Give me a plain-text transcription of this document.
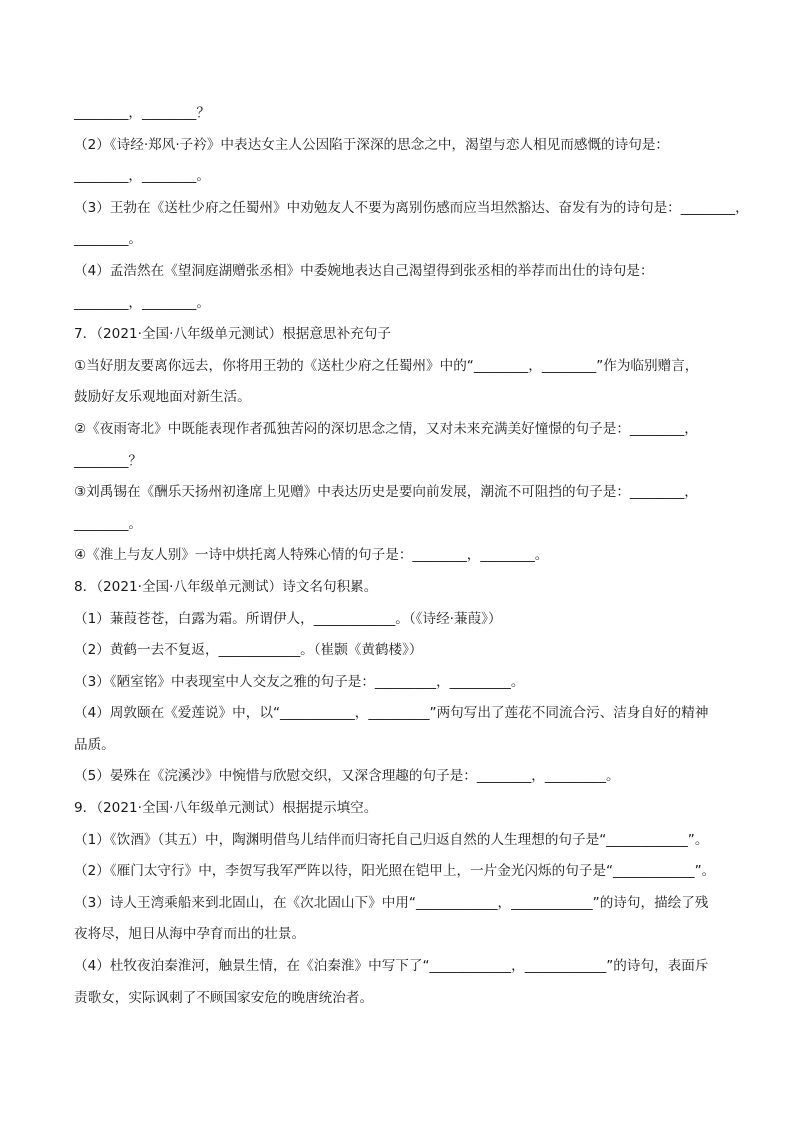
________，________？
（2）《诗经·郑风·子衿》中表达女主人公因陷于深深的思念之中，渴望与恋人相见而感慨的诗句是：
________，________。
（3）王勃在《送杜少府之任蜀州》中劝勉友人不要为离别伤感而应当坦然豁达、奋发有为的诗句是：________，
________。
（4）孟浩然在《望洞庭湖赠张丞相》中委婉地表达自己渴望得到张丞相的举荐而出仕的诗句是：
________，________。
7．（2021·全国·八年级单元测试）根据意思补充句子
①当好朋友要离你远去，你将用王勃的《送杜少府之任蜀州》中的“________，________”作为临别赠言，
鼓励好友乐观地面对新生活。
②《夜雨寄北》中既能表现作者孤独苦闷的深切思念之情，又对未来充满美好憧憬的句子是：________，
________？
③刘禹锡在《酬乐天扬州初逢席上见赠》中表达历史是要向前发展，潮流不可阻挡的句子是：________，
________。
④《淮上与友人别》一诗中烘托离人特殊心情的句子是：________，________。
8．（2021·全国·八年级单元测试）诗文名句积累。
（1）蒹葭苍苍，白露为霜。所谓伊人，____________。（《诗经·蒹葭》）
（2）黄鹤一去不复返，____________。（崔颢《黄鹤楼》）
（3）《陋室铭》中表现室中人交友之雅的句子是：_________，_________。
（4）周敦颐在《爱莲说》中，以“___________，_________”两句写出了莲花不同流合污、洁身自好的精神
品质。
（5）晏殊在《浣溪沙》中惋惜与欣慰交织，又深含理趣的句子是：________，_________。
9．（2021·全国·八年级单元测试）根据提示填空。
（1）《饮酒》（其五）中，陶渊明借鸟儿结伴而归寄托自己归返自然的人生理想的句子是“____________”。
（2）《雁门太守行》中，李贺写我军严阵以待，阳光照在铠甲上，一片金光闪烁的句子是“____________”。
（3）诗人王湾乘船来到北固山，在《次北固山下》中用“____________，____________”的诗句，描绘了残
夜将尽，旭日从海中孕育而出的壮景。
（4）杜牧夜泊秦淮河，触景生情，在《泊秦淮》中写下了“____________，____________”的诗句，表面斥
责歌女，实际讽刺了不顾国家安危的晚唐统治者。
